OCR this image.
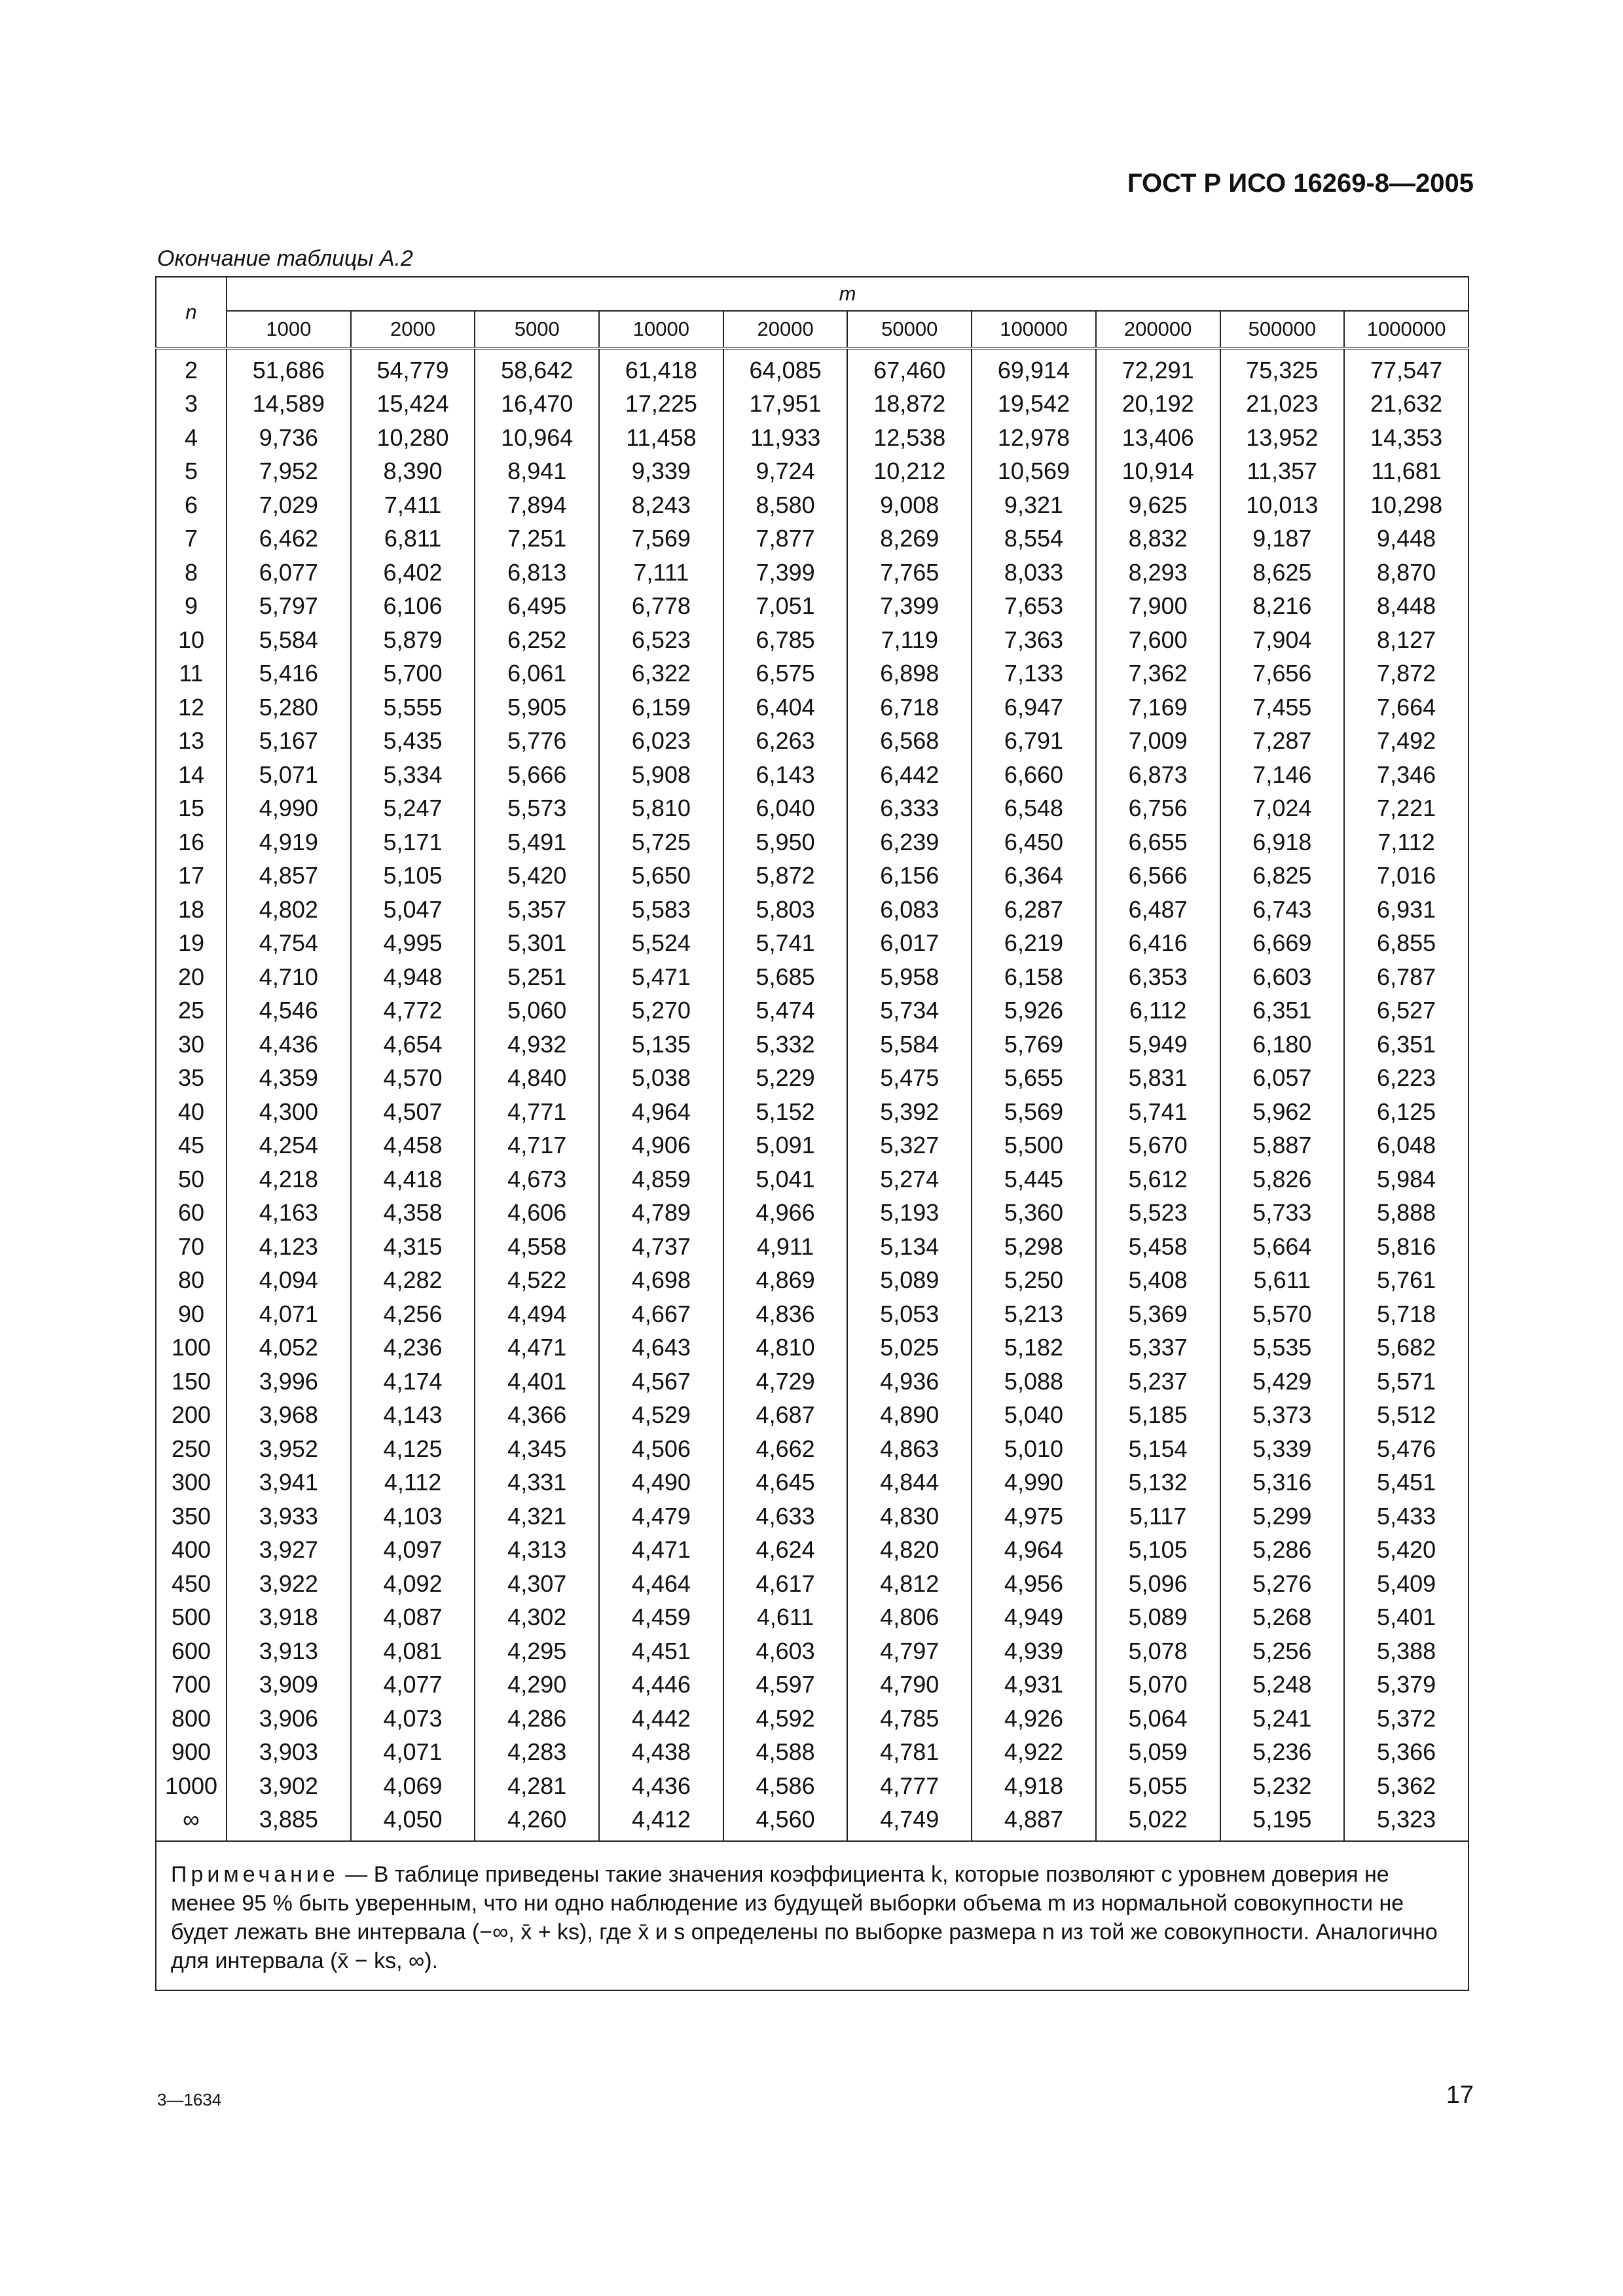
ГОСТ Р ИСО 16269-8—2005
Окончание таблицы А.2
n	m									
	1000	2000	5000	10000	20000	50000	100000	200000	500000	1000000
2	51,686	54,779	58,642	61,418	64,085	67,460	69,914	72,291	75,325	77,547
3	14,589	15,424	16,470	17,225	17,951	18,872	19,542	20,192	21,023	21,632
4	9,736	10,280	10,964	11,458	11,933	12,538	12,978	13,406	13,952	14,353
5	7,952	8,390	8,941	9,339	9,724	10,212	10,569	10,914	11,357	11,681
6	7,029	7,411	7,894	8,243	8,580	9,008	9,321	9,625	10,013	10,298
7	6,462	6,811	7,251	7,569	7,877	8,269	8,554	8,832	9,187	9,448
8	6,077	6,402	6,813	7,111	7,399	7,765	8,033	8,293	8,625	8,870
9	5,797	6,106	6,495	6,778	7,051	7,399	7,653	7,900	8,216	8,448
10	5,584	5,879	6,252	6,523	6,785	7,119	7,363	7,600	7,904	8,127
11	5,416	5,700	6,061	6,322	6,575	6,898	7,133	7,362	7,656	7,872
12	5,280	5,555	5,905	6,159	6,404	6,718	6,947	7,169	7,455	7,664
13	5,167	5,435	5,776	6,023	6,263	6,568	6,791	7,009	7,287	7,492
14	5,071	5,334	5,666	5,908	6,143	6,442	6,660	6,873	7,146	7,346
15	4,990	5,247	5,573	5,810	6,040	6,333	6,548	6,756	7,024	7,221
16	4,919	5,171	5,491	5,725	5,950	6,239	6,450	6,655	6,918	7,112
17	4,857	5,105	5,420	5,650	5,872	6,156	6,364	6,566	6,825	7,016
18	4,802	5,047	5,357	5,583	5,803	6,083	6,287	6,487	6,743	6,931
19	4,754	4,995	5,301	5,524	5,741	6,017	6,219	6,416	6,669	6,855
20	4,710	4,948	5,251	5,471	5,685	5,958	6,158	6,353	6,603	6,787
25	4,546	4,772	5,060	5,270	5,474	5,734	5,926	6,112	6,351	6,527
30	4,436	4,654	4,932	5,135	5,332	5,584	5,769	5,949	6,180	6,351
35	4,359	4,570	4,840	5,038	5,229	5,475	5,655	5,831	6,057	6,223
40	4,300	4,507	4,771	4,964	5,152	5,392	5,569	5,741	5,962	6,125
45	4,254	4,458	4,717	4,906	5,091	5,327	5,500	5,670	5,887	6,048
50	4,218	4,418	4,673	4,859	5,041	5,274	5,445	5,612	5,826	5,984
60	4,163	4,358	4,606	4,789	4,966	5,193	5,360	5,523	5,733	5,888
70	4,123	4,315	4,558	4,737	4,911	5,134	5,298	5,458	5,664	5,816
80	4,094	4,282	4,522	4,698	4,869	5,089	5,250	5,408	5,611	5,761
90	4,071	4,256	4,494	4,667	4,836	5,053	5,213	5,369	5,570	5,718
100	4,052	4,236	4,471	4,643	4,810	5,025	5,182	5,337	5,535	5,682
150	3,996	4,174	4,401	4,567	4,729	4,936	5,088	5,237	5,429	5,571
200	3,968	4,143	4,366	4,529	4,687	4,890	5,040	5,185	5,373	5,512
250	3,952	4,125	4,345	4,506	4,662	4,863	5,010	5,154	5,339	5,476
300	3,941	4,112	4,331	4,490	4,645	4,844	4,990	5,132	5,316	5,451
350	3,933	4,103	4,321	4,479	4,633	4,830	4,975	5,117	5,299	5,433
400	3,927	4,097	4,313	4,471	4,624	4,820	4,964	5,105	5,286	5,420
450	3,922	4,092	4,307	4,464	4,617	4,812	4,956	5,096	5,276	5,409
500	3,918	4,087	4,302	4,459	4,611	4,806	4,949	5,089	5,268	5,401
600	3,913	4,081	4,295	4,451	4,603	4,797	4,939	5,078	5,256	5,388
700	3,909	4,077	4,290	4,446	4,597	4,790	4,931	5,070	5,248	5,379
800	3,906	4,073	4,286	4,442	4,592	4,785	4,926	5,064	5,241	5,372
900	3,903	4,071	4,283	4,438	4,588	4,781	4,922	5,059	5,236	5,366
1000	3,902	4,069	4,281	4,436	4,586	4,777	4,918	5,055	5,232	5,362
∞	3,885	4,050	4,260	4,412	4,560	4,749	4,887	5,022	5,195	5,323
Примечание — В таблице приведены такие значения коэффициента k, которые позволяют с уровнем доверия не менее 95 % быть уверенным, что ни одно наблюдение из будущей выборки объема m из нормальной совокупности не будет лежать вне интервала (−∞, x̄ + ks), где x̄ и s определены по выборке размера n из той же совокупности. Аналогично для интервала (x̄ − ks, ∞).										
3—1634	17
